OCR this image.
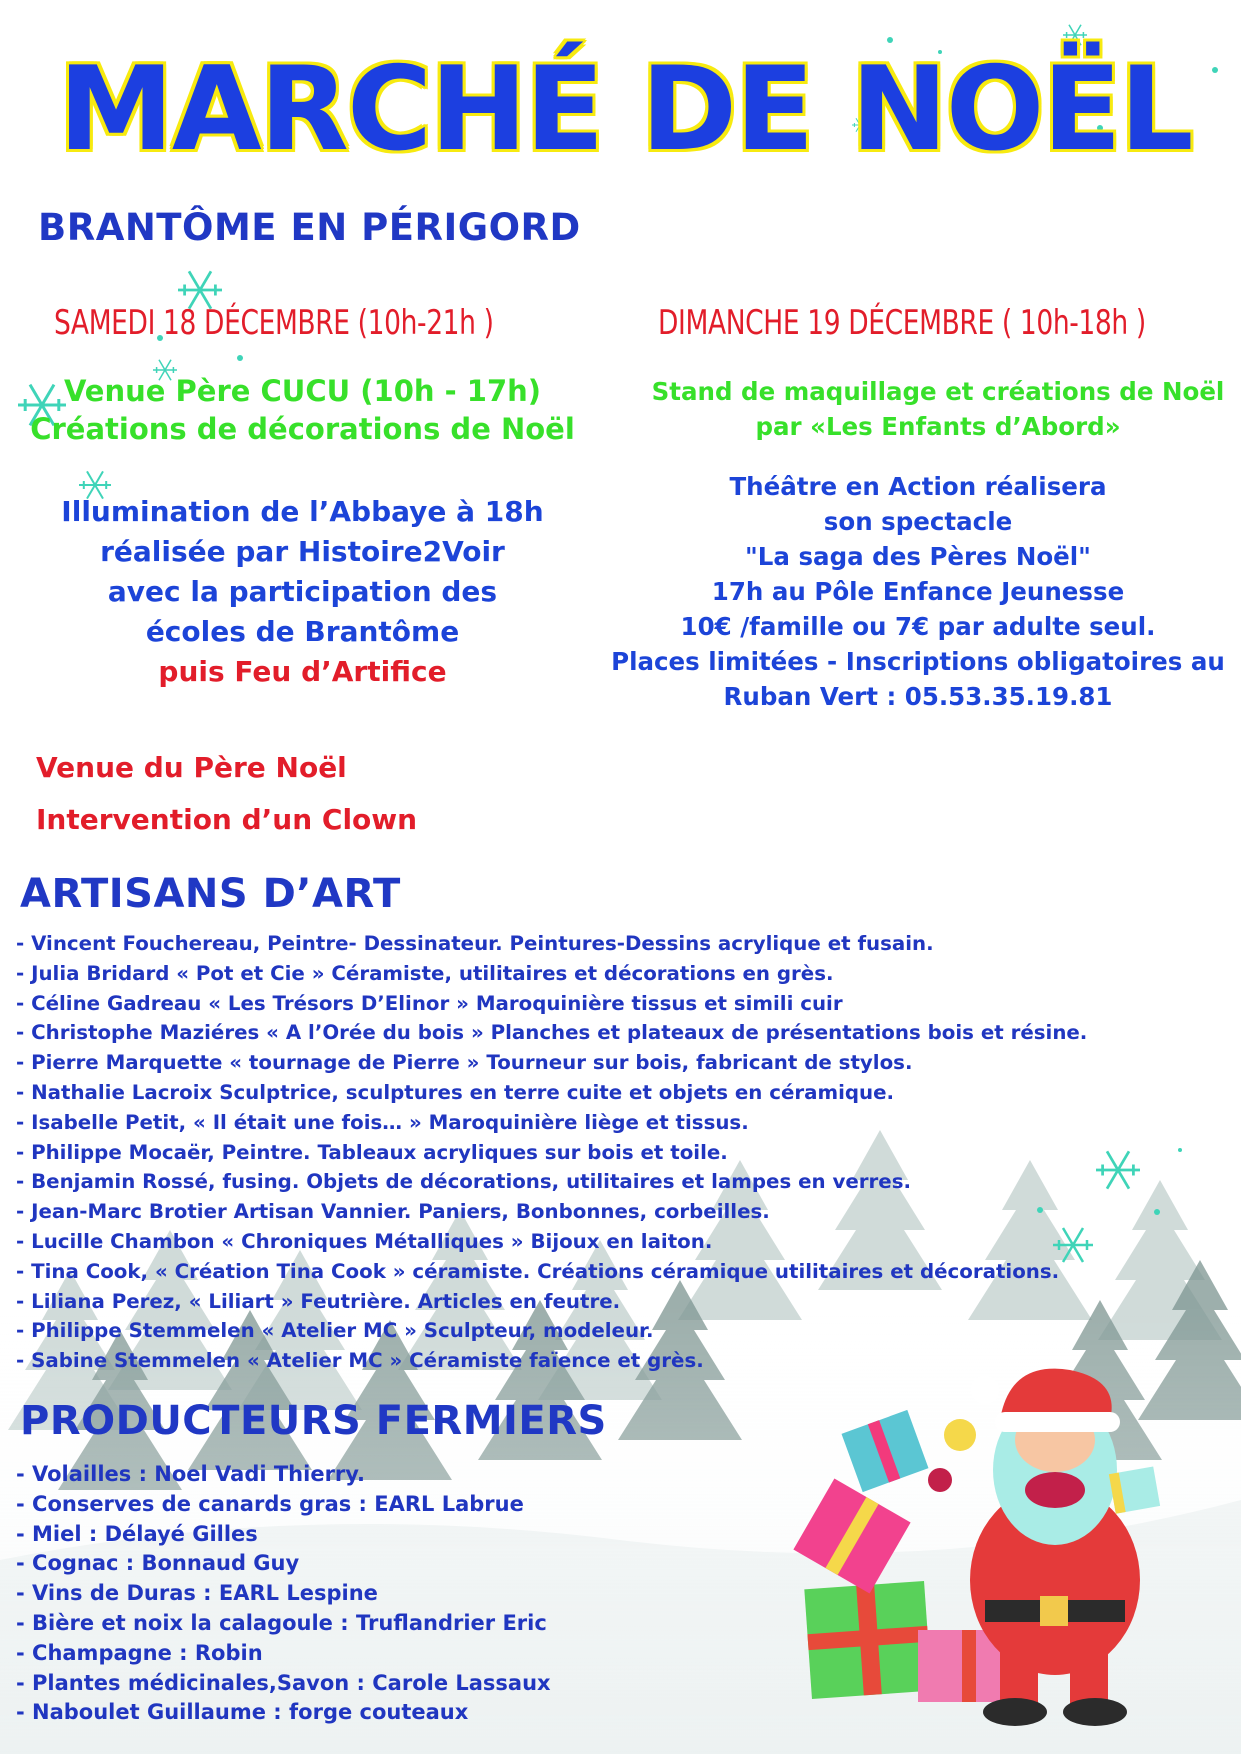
MARCHÉ DE NOËL
BRANTÔME EN PÉRIGORD
SAMEDI 18 DÉCEMBRE (10h-21h )
Venue Père CUCU (10h - 17h)
Créations de décorations de Noël
Illumination de l’Abbaye à 18h
réalisée par Histoire2Voir
avec la participation des
écoles de Brantôme
puis Feu d’Artifice
Venue du Père Noël
Intervention d’un Clown
DIMANCHE 19 DÉCEMBRE ( 10h-18h )
Stand de maquillage et créations de Noël
par «Les Enfants d’Abord»
Théâtre en Action réalisera
son spectacle
"La saga des Pères Noël"
17h au Pôle Enfance Jeunesse
10€ /famille ou 7€ par adulte seul.
Places limitées - Inscriptions obligatoires au
Ruban Vert : 05.53.35.19.81
ARTISANS D’ART
- Vincent Fouchereau, Peintre- Dessinateur. Peintures-Dessins acrylique et fusain.
- Julia Bridard « Pot et Cie » Céramiste, utilitaires et décorations en grès.
- Céline Gadreau « Les Trésors D’Elinor » Maroquinière tissus et simili cuir
- Christophe Maziéres « A l’Orée du bois » Planches et plateaux de présentations bois et résine.
- Pierre Marquette « tournage de Pierre » Tourneur sur bois, fabricant de stylos.
- Nathalie Lacroix Sculptrice, sculptures en terre cuite et objets en céramique.
- Isabelle Petit, « Il était une fois… » Maroquinière liège et tissus.
- Philippe Mocaër, Peintre. Tableaux acryliques sur bois et toile.
- Benjamin Rossé, fusing. Objets de décorations, utilitaires et lampes en verres.
- Jean-Marc Brotier Artisan Vannier. Paniers, Bonbonnes, corbeilles.
- Lucille Chambon « Chroniques Métalliques » Bijoux en laiton.
- Tina Cook, « Création Tina Cook » céramiste. Créations céramique utilitaires et décorations.
- Liliana Perez, « Liliart » Feutrière. Articles en feutre.
- Philippe Stemmelen « Atelier MC » Sculpteur, modeleur.
- Sabine Stemmelen « Atelier MC » Céramiste faïence et grès.
PRODUCTEURS FERMIERS
- Volailles : Noel Vadi Thierry.
- Conserves de canards gras : EARL Labrue
- Miel : Délayé Gilles
- Cognac : Bonnaud Guy
- Vins de Duras : EARL Lespine
- Bière et noix la calagoule : Truflandrier Eric
- Champagne : Robin
- Plantes médicinales,Savon : Carole Lassaux
- Naboulet Guillaume : forge couteaux
